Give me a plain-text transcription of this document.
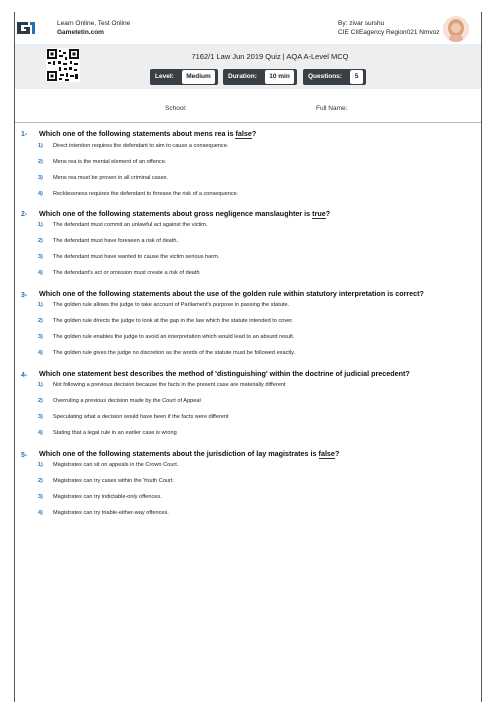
Learn Online, Test Online
Gametetin.com
By: zivar surshu
CIE CIIEagency Region021 Nmvoz
7162/1 Law Jun 2019 Quiz | AQA A-Level MCQ
Level:	Medium	Duration:	10 min	Questions:	5
School:	Full Name:
1- Which one of the following statements about mens rea is false?
1) Direct intention requires the defendant to aim to cause a consequence.
2) Mens rea is the mental element of an offence.
3) Mens rea must be proven in all criminal cases.
4) Recklessness requires the defendant to foresee the risk of a consequence.
2- Which one of the following statements about gross negligence manslaughter is true?
1) The defendant must commit an unlawful act against the victim.
2) The defendant must have foreseen a risk of death.
3) The defendant must have wanted to cause the victim serious harm.
4) The defendant's act or omission must create a risk of death
3- Which one of the following statements about the use of the golden rule within statutory interpretation is correct?
1) The golden rule allows the judge to take account of Parliament's purpose in passing the statute.
2) The golden rule directs the judge to look at the gap in the law which the statute intended to cover.
3) The golden rule enables the judge to avoid an interpretation which would lead to an absurd result.
4) The golden rule gives the judge no discretion as the words of the statute must be followed exactly.
4- Which one statement best describes the method of 'distinguishing' within the doctrine of judicial precedent?
1) Not following a previous decision because the facts in the present case are materially different
2) Overruling a previous decision made by the Court of Appeal
3) Speculating what a decision would have been if the facts were different
4) Stating that a legal rule in an earlier case is wrong
5- Which one of the following statements about the jurisdiction of lay magistrates is false?
1) Magistrates can sit on appeals in the Crown Court.
2) Magistrates can try cases within the Youth Court.
3) Magistrates can try indictable-only offences.
4) Magistrates can try triable-either-way offences.
